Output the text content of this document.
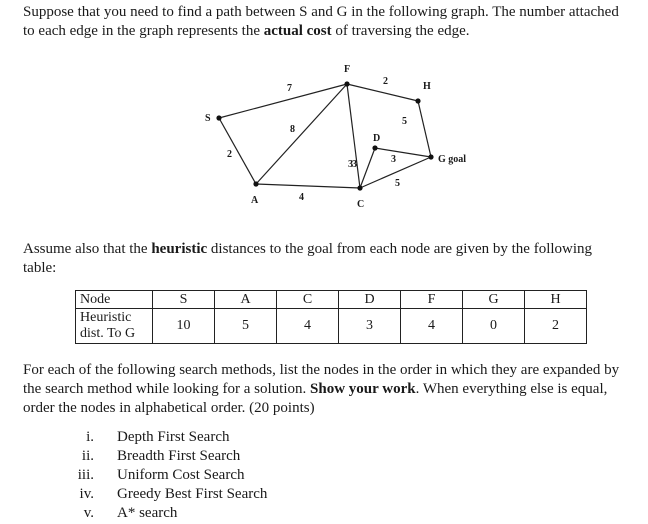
Suppose that you need to find a path between S and G in the following graph. The number attached
to each edge in the graph represents the actual cost of traversing the edge.

S
A
F
H
D
C
G goal
7
2
8
4
2
3
5
3
3
5

Assume also that the heuristic distances to the goal from each node are given by the following
table:

Node	S	A	C	D	F	G	H
Heuristic
dist. To G	10	5	4	3	4	0	2

For each of the following search methods, list the nodes in the order in which they are expanded by
the search method while looking for a solution. Show your work. When everything else is equal,
order the nodes in alphabetical order. (20 points)

i. Depth First Search
ii. Breadth First Search
iii. Uniform Cost Search
iv. Greedy Best First Search
v. A* search
